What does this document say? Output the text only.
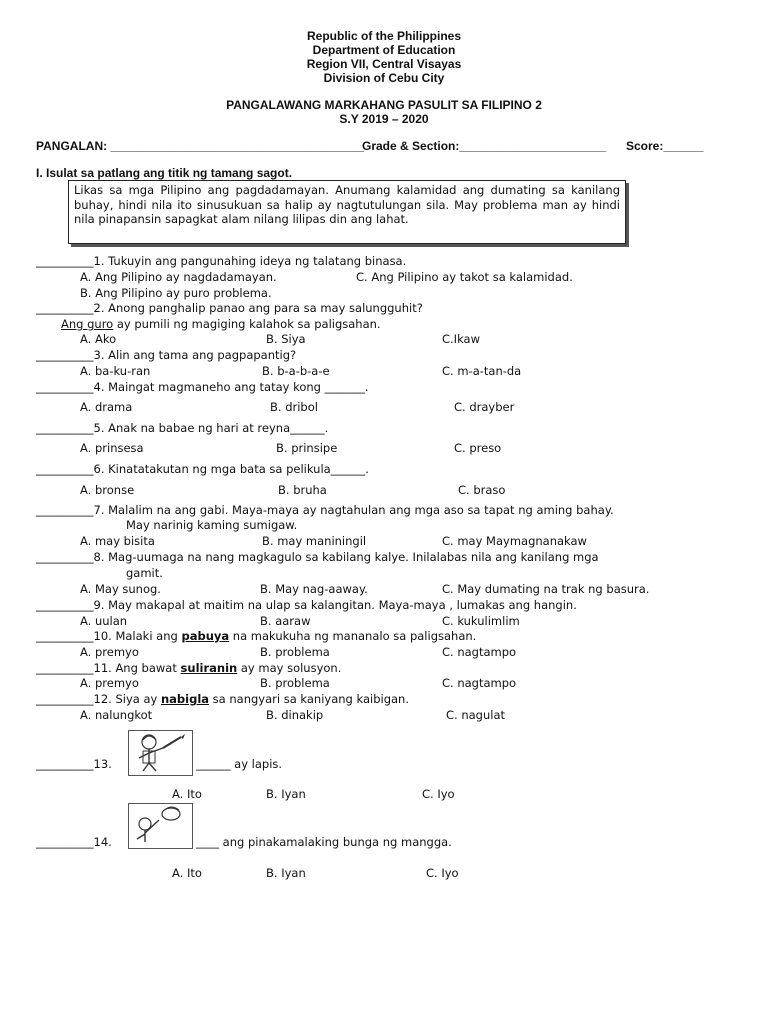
Republic of the Philippines
Department of Education
Region VII, Central Visayas
Division of Cebu City
PANGALAWANG MARKAHANG PASULIT SA FILIPINO 2
S.Y 2019 – 2020
PANGALAN: ______________________________________
Grade & Section:______________________ Score:______
I. Isulat sa patlang ang titik ng tamang sagot.
Likas sa mga Pilipino ang pagdadamayan. Anumang kalamidad ang dumating sa kanilang buhay, hindi nila ito sinusukuan sa halip ay nagtutulungan sila. May problema man ay hindi nila pinapansin sapagkat alam nilang lilipas din ang lahat.
__________1. Tukuyin ang pangunahing ideya ng talatang binasa.
A. Ang Pilipino ay nagdadamayan.	C. Ang Pilipino ay takot sa kalamidad.
B. Ang Pilipino ay puro problema.
__________2. Anong panghalip panao ang para sa may salungguhit?
Ang guro ay pumili ng magiging kalahok sa paligsahan.
A. Ako	B. Siya	C.Ikaw
__________3. Alin ang tama ang pagpapantig?
A. ba-ku-ran	B. b-a-b-a-e	C. m-a-tan-da
__________4. Maingat magmaneho ang tatay kong _______.
A. drama	B. dribol	C. drayber
__________5. Anak na babae ng hari at reyna______.
A. prinsesa	B. prinsipe	C. preso
__________6. Kinatatakutan ng mga bata sa pelikula______.
A. bronse	B. bruha	C. braso
__________7. Malalim na ang gabi. Maya-maya ay nagtahulan ang mga aso sa tapat ng aming bahay.
May narinig kaming sumigaw.
A. may bisita	B. may maniningil	C. may Maymagnanakaw
__________8. Mag-uumaga na nang magkagulo sa kabilang kalye. Inilalabas nila ang kanilang mga
gamit.
A. May sunog.	B. May nag-aaway.	C. May dumating na trak ng basura.
__________9. May makapal at maitim na ulap sa kalangitan. Maya-maya , lumakas ang hangin.
A. uulan	B. aaraw	C. kukulimlim
__________10. Malaki ang pabuya na makukuha ng mananalo sa paligsahan.
A. premyo	B. problema	C. nagtampo
__________11. Ang bawat suliranin ay may solusyon.
A. premyo	B. problema	C. nagtampo
__________12. Siya ay nabigla sa nangyari sa kaniyang kaibigan.
A. nalungkot	B. dinakip	C. nagulat
__________13.	______ ay lapis.
A. Ito	B. Iyan	C. Iyo
__________14.	____ ang pinakamalaking bunga ng mangga.
A. Ito	B. Iyan	C. Iyo
